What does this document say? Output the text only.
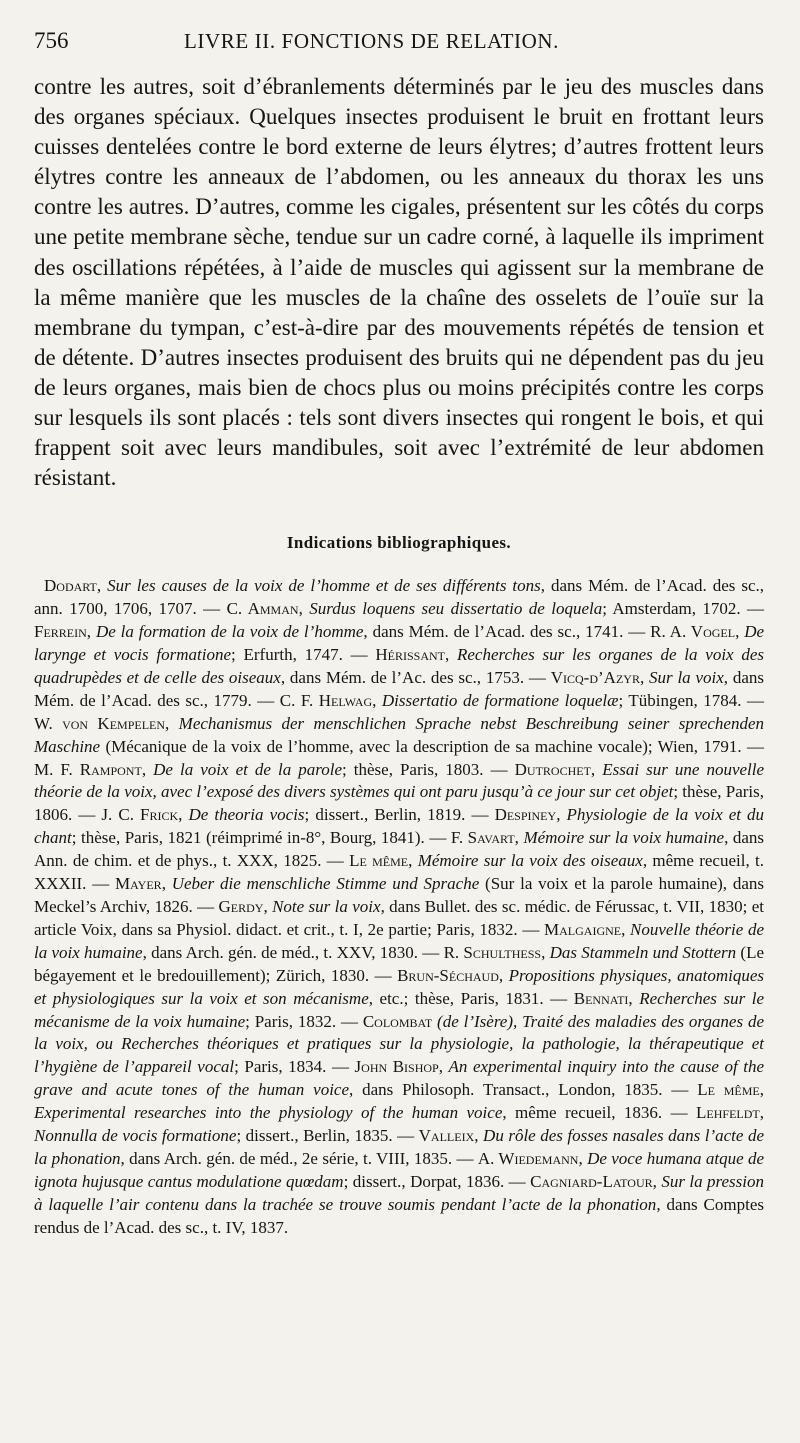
756	LIVRE II. FONCTIONS DE RELATION.

contre les autres, soit d’ébranlements déterminés par le jeu des muscles dans des organes spéciaux. Quelques insectes produisent le bruit en frottant leurs cuisses dentelées contre le bord externe de leurs élytres; d’autres frottent leurs élytres contre les anneaux de l’abdomen, ou les anneaux du thorax les uns contre les autres. D’autres, comme les cigales, présentent sur les côtés du corps une petite membrane sèche, tendue sur un cadre corné, à laquelle ils impriment des oscillations répétées, à l’aide de muscles qui agissent sur la membrane de la même manière que les muscles de la chaîne des osselets de l’ouïe sur la membrane du tympan, c’est-à-dire par des mouvements répétés de tension et de détente. D’autres insectes produisent des bruits qui ne dépendent pas du jeu de leurs organes, mais bien de chocs plus ou moins précipités contre les corps sur lesquels ils sont placés : tels sont divers insectes qui rongent le bois, et qui frappent soit avec leurs mandibules, soit avec l’extrémité de leur abdomen résistant.

Indications bibliographiques.

Dodart, Sur les causes de la voix de l’homme et de ses différents tons, dans Mém. de l’Acad. des sc., ann. 1700, 1706, 1707. — C. Amman, Surdus loquens seu dissertatio de loquela; Amsterdam, 1702. — Ferrein, De la formation de la voix de l’homme, dans Mém. de l’Acad. des sc., 1741. — R. A. Vogel, De larynge et vocis formatione; Erfurth, 1747. — Hérissant, Recherches sur les organes de la voix des quadrupèdes et de celle des oiseaux, dans Mém. de l’Ac. des sc., 1753. — Vicq-d’Azyr, Sur la voix, dans Mém. de l’Acad. des sc., 1779. — C. F. Helwag, Dissertatio de formatione loquelæ; Tübingen, 1784. — W. von Kempelen, Mechanismus der menschlichen Sprache nebst Beschreibung seiner sprechenden Maschine (Mécanique de la voix de l’homme, avec la description de sa machine vocale); Wien, 1791. — M. F. Rampont, De la voix et de la parole; thèse, Paris, 1803. — Dutrochet, Essai sur une nouvelle théorie de la voix, avec l’exposé des divers systèmes qui ont paru jusqu’à ce jour sur cet objet; thèse, Paris, 1806. — J. C. Frick, De theoria vocis; dissert., Berlin, 1819. — Despiney, Physiologie de la voix et du chant; thèse, Paris, 1821 (réimprimé in-8°, Bourg, 1841). — F. Savart, Mémoire sur la voix humaine, dans Ann. de chim. et de phys., t. XXX, 1825. — Le même, Mémoire sur la voix des oiseaux, même recueil, t. XXXII. — Mayer, Ueber die menschliche Stimme und Sprache (Sur la voix et la parole humaine), dans Meckel’s Archiv, 1826. — Gerdy, Note sur la voix, dans Bullet. des sc. médic. de Férussac, t. VII, 1830; et article Voix, dans sa Physiol. didact. et crit., t. I, 2e partie; Paris, 1832. — Malgaigne, Nouvelle théorie de la voix humaine, dans Arch. gén. de méd., t. XXV, 1830. — R. Schulthess, Das Stammeln und Stottern (Le bégayement et le bredouillement); Zürich, 1830. — Brun-Séchaud, Propositions physiques, anatomiques et physiologiques sur la voix et son mécanisme, etc.; thèse, Paris, 1831. — Bennati, Recherches sur le mécanisme de la voix humaine; Paris, 1832. — Colombat (de l’Isère), Traité des maladies des organes de la voix, ou Recherches théoriques et pratiques sur la physiologie, la pathologie, la thérapeutique et l’hygiène de l’appareil vocal; Paris, 1834. — John Bishop, An experimental inquiry into the cause of the grave and acute tones of the human voice, dans Philosoph. Transact., London, 1835. — Le même, Experimental researches into the physiology of the human voice, même recueil, 1836. — Lehfeldt, Nonnulla de vocis formatione; dissert., Berlin, 1835. — Valleix, Du rôle des fosses nasales dans l’acte de la phonation, dans Arch. gén. de méd., 2e série, t. VIII, 1835. — A. Wiedemann, De voce humana atque de ignota hujusque cantus modulatione quœdam; dissert., Dorpat, 1836. — Cagniard-Latour, Sur la pression à laquelle l’air contenu dans la trachée se trouve soumis pendant l’acte de la phonation, dans Comptes rendus de l’Acad. des sc., t. IV, 1837.
